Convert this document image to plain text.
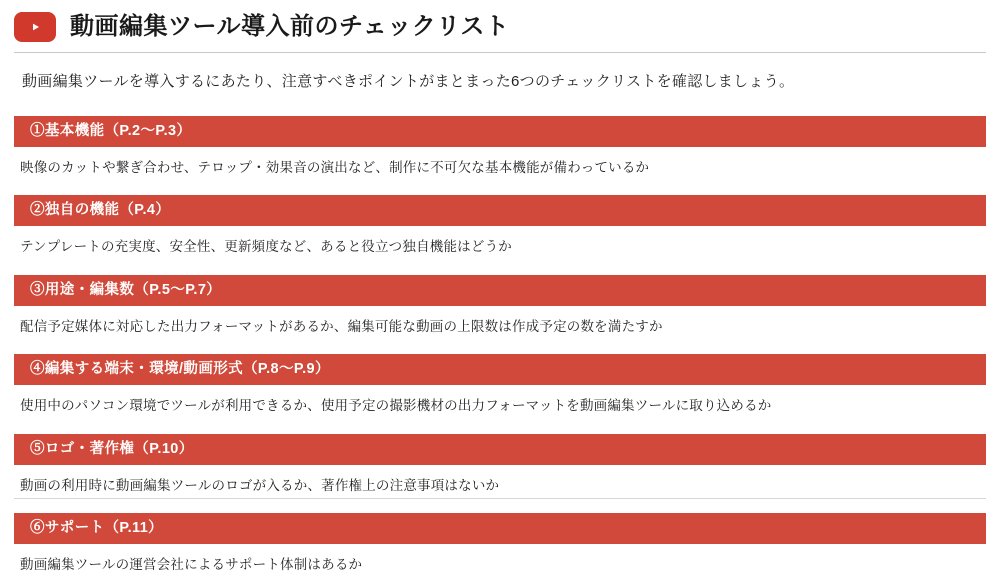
動画編集ツール導入前のチェックリスト
動画編集ツールを導入するにあたり、注意すべきポイントがまとまった6つのチェックリストを確認しましょう。
①基本機能（P.2～P.3）
映像のカットや繋ぎ合わせ、テロップ・効果音の演出など、制作に不可欠な基本機能が備わっているか
②独自の機能（P.4）
テンプレートの充実度、安全性、更新頻度など、あると役立つ独自機能はどうか
③用途・編集数（P.5～P.7）
配信予定媒体に対応した出力フォーマットがあるか、編集可能な動画の上限数は作成予定の数を満たすか
④編集する端末・環境/動画形式（P.8～P.9）
使用中のパソコン環境でツールが利用できるか、使用予定の撮影機材の出力フォーマットを動画編集ツールに取り込めるか
⑤ロゴ・著作権（P.10）
動画の利用時に動画編集ツールのロゴが入るか、著作権上の注意事項はないか
⑥サポート（P.11）
動画編集ツールの運営会社によるサポート体制はあるか
